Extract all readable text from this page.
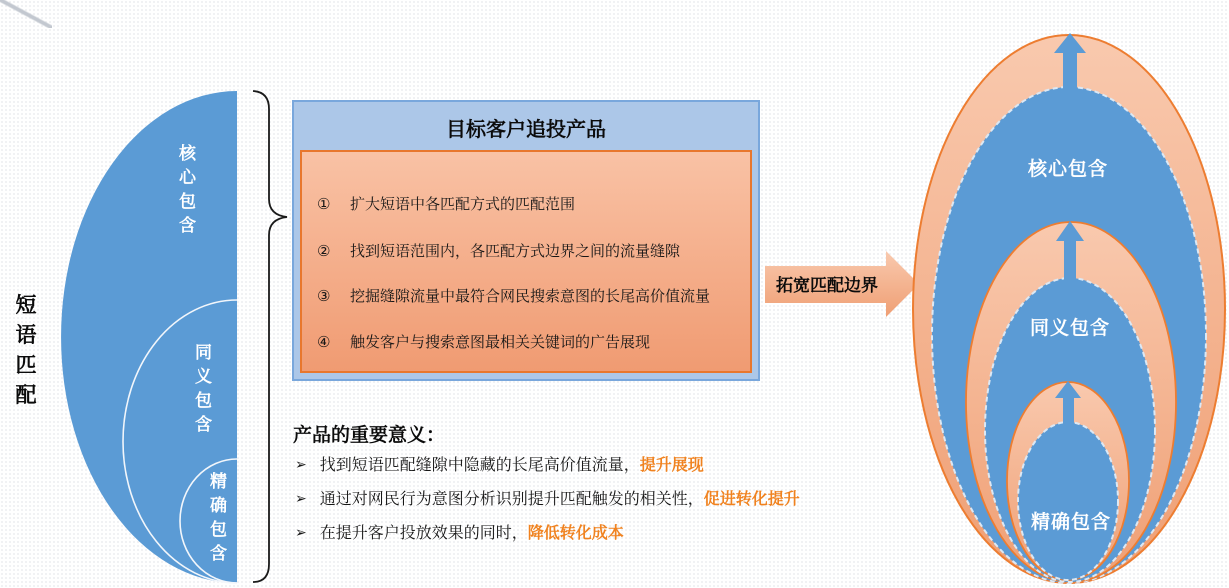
短语匹配
核心包含
同义包含
精确包含
目标客户追投产品
① 扩大短语中各匹配方式的匹配范围
② 找到短语范围内，各匹配方式边界之间的流量缝隙
③ 挖掘缝隙流量中最符合网民搜索意图的长尾高价值流量
④ 触发客户与搜索意图最相关关键词的广告展现
拓宽匹配边界
核心包含
同义包含
精确包含
产品的重要意义：
➢ 找到短语匹配缝隙中隐藏的长尾高价值流量，提升展现
➢ 通过对网民行为意图分析识别提升匹配触发的相关性，促进转化提升
➢ 在提升客户投放效果的同时，降低转化成本
